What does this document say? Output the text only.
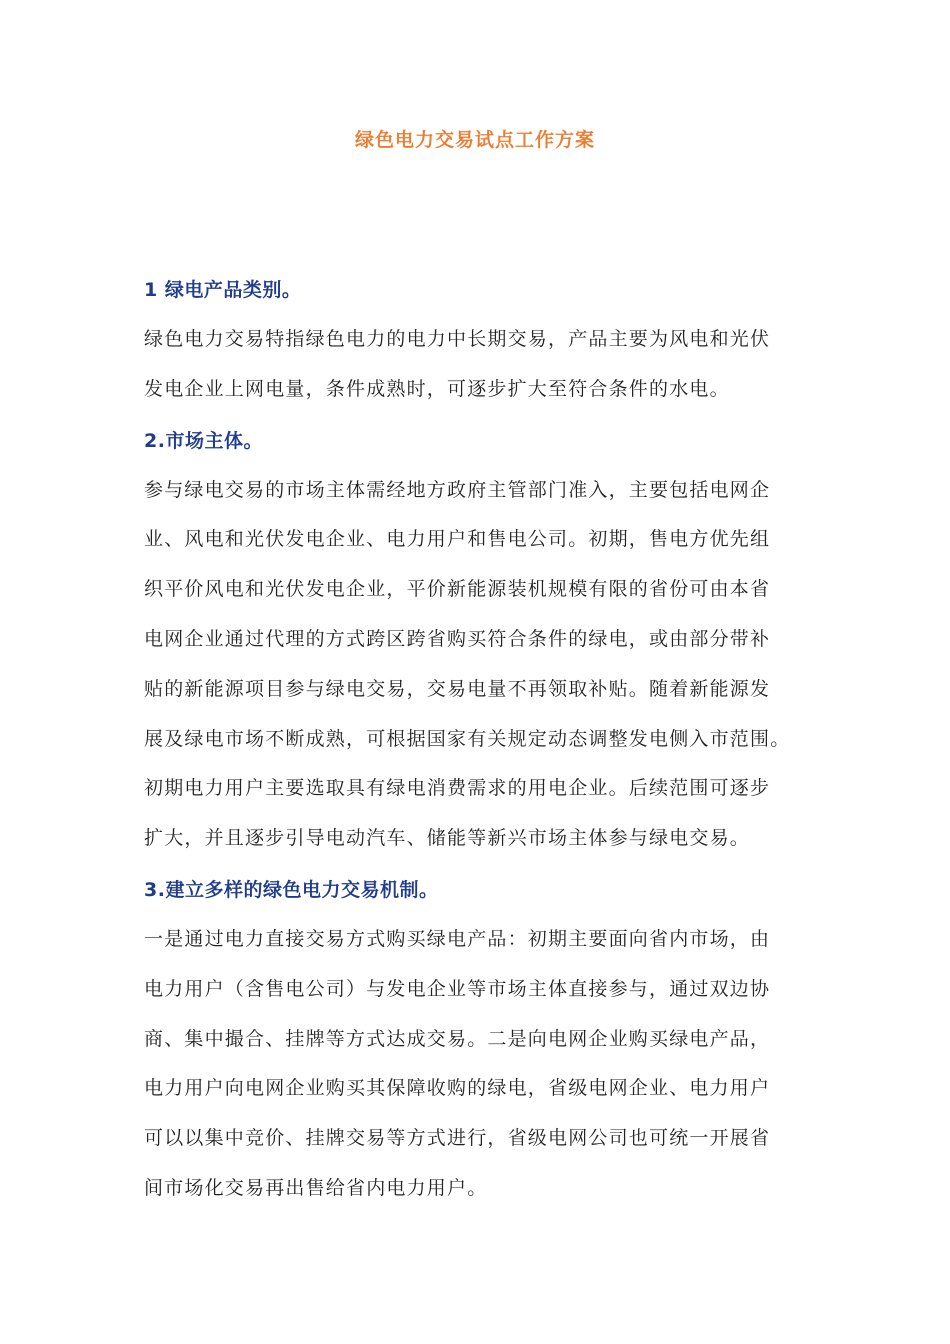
绿色电力交易试点工作方案
1 绿电产品类别。
绿色电力交易特指绿色电力的电力中长期交易，产品主要为风电和光伏
发电企业上网电量，条件成熟时，可逐步扩大至符合条件的水电。
2.市场主体。
参与绿电交易的市场主体需经地方政府主管部门准入，主要包括电网企
业、风电和光伏发电企业、电力用户和售电公司。初期，售电方优先组
织平价风电和光伏发电企业，平价新能源装机规模有限的省份可由本省
电网企业通过代理的方式跨区跨省购买符合条件的绿电，或由部分带补
贴的新能源项目参与绿电交易，交易电量不再领取补贴。随着新能源发
展及绿电市场不断成熟，可根据国家有关规定动态调整发电侧入市范围。
初期电力用户主要选取具有绿电消费需求的用电企业。后续范围可逐步
扩大，并且逐步引导电动汽车、储能等新兴市场主体参与绿电交易。
3.建立多样的绿色电力交易机制。
一是通过电力直接交易方式购买绿电产品：初期主要面向省内市场，由
电力用户（含售电公司）与发电企业等市场主体直接参与，通过双边协
商、集中撮合、挂牌等方式达成交易。二是向电网企业购买绿电产品，
电力用户向电网企业购买其保障收购的绿电，省级电网企业、电力用户
可以以集中竞价、挂牌交易等方式进行，省级电网公司也可统一开展省
间市场化交易再出售给省内电力用户。
